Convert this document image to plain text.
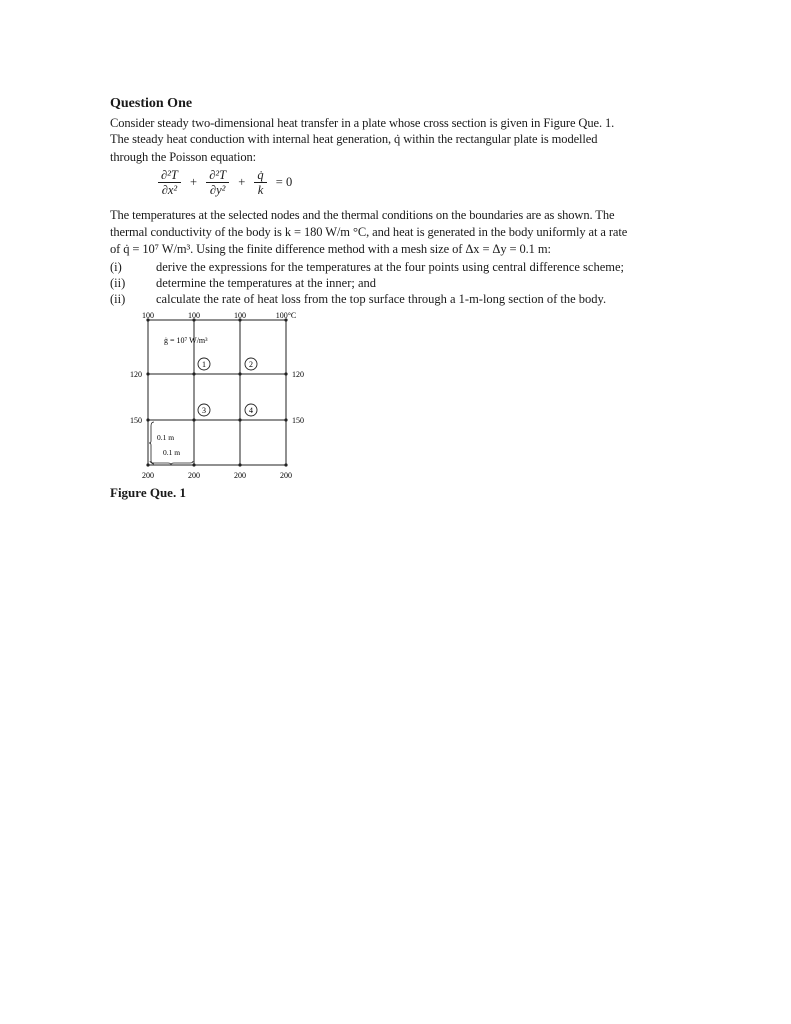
Question One
Consider steady two-dimensional heat transfer in a plate whose cross section is given in Figure Que. 1.
The steady heat conduction with internal heat generation, q̇ within the rectangular plate is modelled
through the Poisson equation:
$\frac{\text{∂²T}}{\text{∂x²}} + \frac{\text{∂²T}}{\text{∂y²}} + \frac{q̇}{k} = 0$
The temperatures at the selected nodes and the thermal conditions on the boundaries are as shown. The
thermal conductivity of the body is k = 180 W/m °C, and heat is generated in the body uniformly at a rate
of q̇ = 10⁷ W/m³. Using the finite difference method with a mesh size of Δx = Δy = 0.1 m:
(i)	derive the expressions for the temperatures at the four points using central difference scheme;
(ii) determine the temperatures at the inner; and
(ii) calculate the rate of heat loss from the top surface through a 1-m-long section of the body.
100	100	100	100°C
120
150
120
150
200	200	200	200
ġ = 10⁷ W/m³
1	2
3	4
0.1 m
0.1 m
Figure Que. 1
